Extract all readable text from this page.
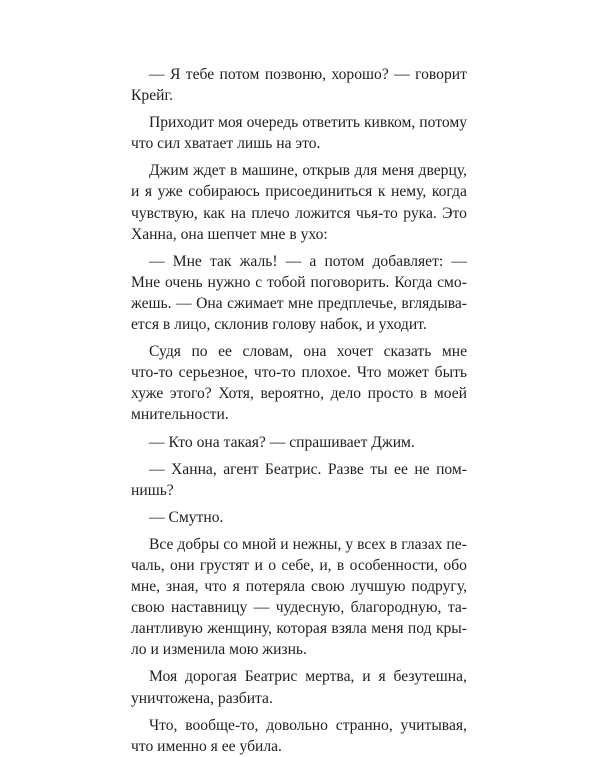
— Я тебе потом позвоню, хорошо? — говорит
Крейг.
Приходит моя очередь ответить кивком, потому
что сил хватает лишь на это.
Джим ждет в машине, открыв для меня дверцу,
и я уже собираюсь присоединиться к нему, когда
чувствую, как на плечо ложится чья-то рука. Это
Ханна, она шепчет мне в ухо:
— Мне так жаль! — а потом добавляет: —
Мне очень нужно с тобой поговорить. Когда смо-
жешь. — Она сжимает мне предплечье, вглядыва-
ется в лицо, склонив голову набок, и уходит.
Судя по ее словам, она хочет сказать мне
что-то серьезное, что-то плохое. Что может быть
хуже этого? Хотя, вероятно, дело просто в моей
мнительности.
— Кто она такая? — спрашивает Джим.
— Ханна, агент Беатрис. Разве ты ее не пом-
нишь?
— Смутно.
Все добры со мной и нежны, у всех в глазах пе-
чаль, они грустят и о себе, и, в особенности, обо
мне, зная, что я потеряла свою лучшую подругу,
свою наставницу — чудесную, благородную, та-
лантливую женщину, которая взяла меня под кры-
ло и изменила мою жизнь.
Моя дорогая Беатрис мертва, и я безутешна,
уничтожена, разбита.
Что, вообще-то, довольно странно, учитывая,
что именно я ее убила.
